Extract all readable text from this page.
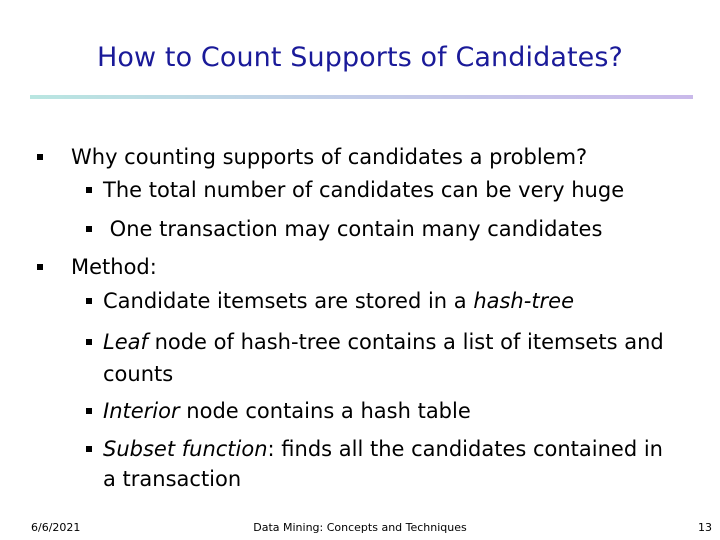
How to Count Supports of Candidates?
Why counting supports of candidates a problem?
The total number of candidates can be very huge
One transaction may contain many candidates
Method:
Candidate itemsets are stored in a hash-tree
Leaf node of hash-tree contains a list of itemsets and
counts
Interior node contains a hash table
Subset function: finds all the candidates contained in
a transaction
6/6/2021	Data Mining: Concepts and Techniques	13
